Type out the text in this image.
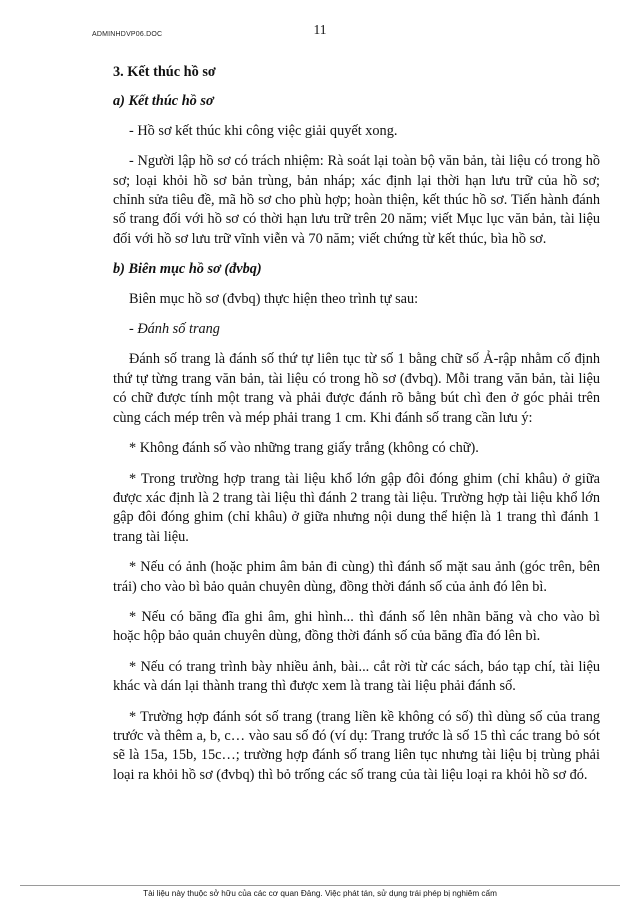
ADMINHDVP06.DOC	11

3. Kết thúc hồ sơ

a) Kết thúc hồ sơ

- Hồ sơ kết thúc khi công việc giải quyết xong.

- Người lập hồ sơ có trách nhiệm: Rà soát lại toàn bộ văn bản, tài liệu có trong hồ sơ; loại khỏi hồ sơ bản trùng, bản nháp; xác định lại thời hạn lưu trữ của hồ sơ; chỉnh sửa tiêu đề, mã hồ sơ cho phù hợp; hoàn thiện, kết thúc hồ sơ. Tiến hành đánh số trang đối với hồ sơ có thời hạn lưu trữ trên 20 năm; viết Mục lục văn bản, tài liệu đối với hồ sơ lưu trữ vĩnh viễn và 70 năm; viết chứng từ kết thúc, bìa hồ sơ.

b) Biên mục hồ sơ (đvbq)

Biên mục hồ sơ (đvbq) thực hiện theo trình tự sau:

- Đánh số trang

Đánh số trang là đánh số thứ tự liên tục từ số 1 bằng chữ số Ả-rập nhằm cố định thứ tự từng trang văn bản, tài liệu có trong hồ sơ (đvbq). Mỗi trang văn bản, tài liệu có chữ được tính một trang và phải được đánh rõ bằng bút chì đen ở góc phải trên cùng cách mép trên và mép phải trang 1 cm. Khi đánh số trang cần lưu ý:

* Không đánh số vào những trang giấy trắng (không có chữ).

* Trong trường hợp trang tài liệu khổ lớn gập đôi đóng ghim (chỉ khâu) ở giữa được xác định là 2 trang tài liệu thì đánh 2 trang tài liệu. Trường hợp tài liệu khổ lớn gập đôi đóng ghim (chỉ khâu) ở giữa nhưng nội dung thể hiện là 1 trang thì đánh 1 trang tài liệu.

* Nếu có ảnh (hoặc phim âm bản đi cùng) thì đánh số mặt sau ảnh (góc trên, bên trái) cho vào bì bảo quản chuyên dùng, đồng thời đánh số của ảnh đó lên bì.

* Nếu có băng đĩa ghi âm, ghi hình... thì đánh số lên nhãn băng và cho vào bì hoặc hộp bảo quản chuyên dùng, đồng thời đánh số của băng đĩa đó lên bì.

* Nếu có trang trình bày nhiều ảnh, bài... cắt rời từ các sách, báo tạp chí, tài liệu khác và dán lại thành trang thì được xem là trang tài liệu phải đánh số.

* Trường hợp đánh sót số trang (trang liền kề không có số) thì dùng số của trang trước và thêm a, b, c… vào sau số đó (ví dụ: Trang trước là số 15 thì các trang bỏ sót sẽ là 15a, 15b, 15c…; trường hợp đánh số trang liên tục nhưng tài liệu bị trùng phải loại ra khỏi hồ sơ (đvbq) thì bỏ trống các số trang của tài liệu loại ra khỏi hồ sơ đó.

Tài liệu này thuộc sở hữu của các cơ quan Đảng. Việc phát tán, sử dụng trái phép bị nghiêm cấm
